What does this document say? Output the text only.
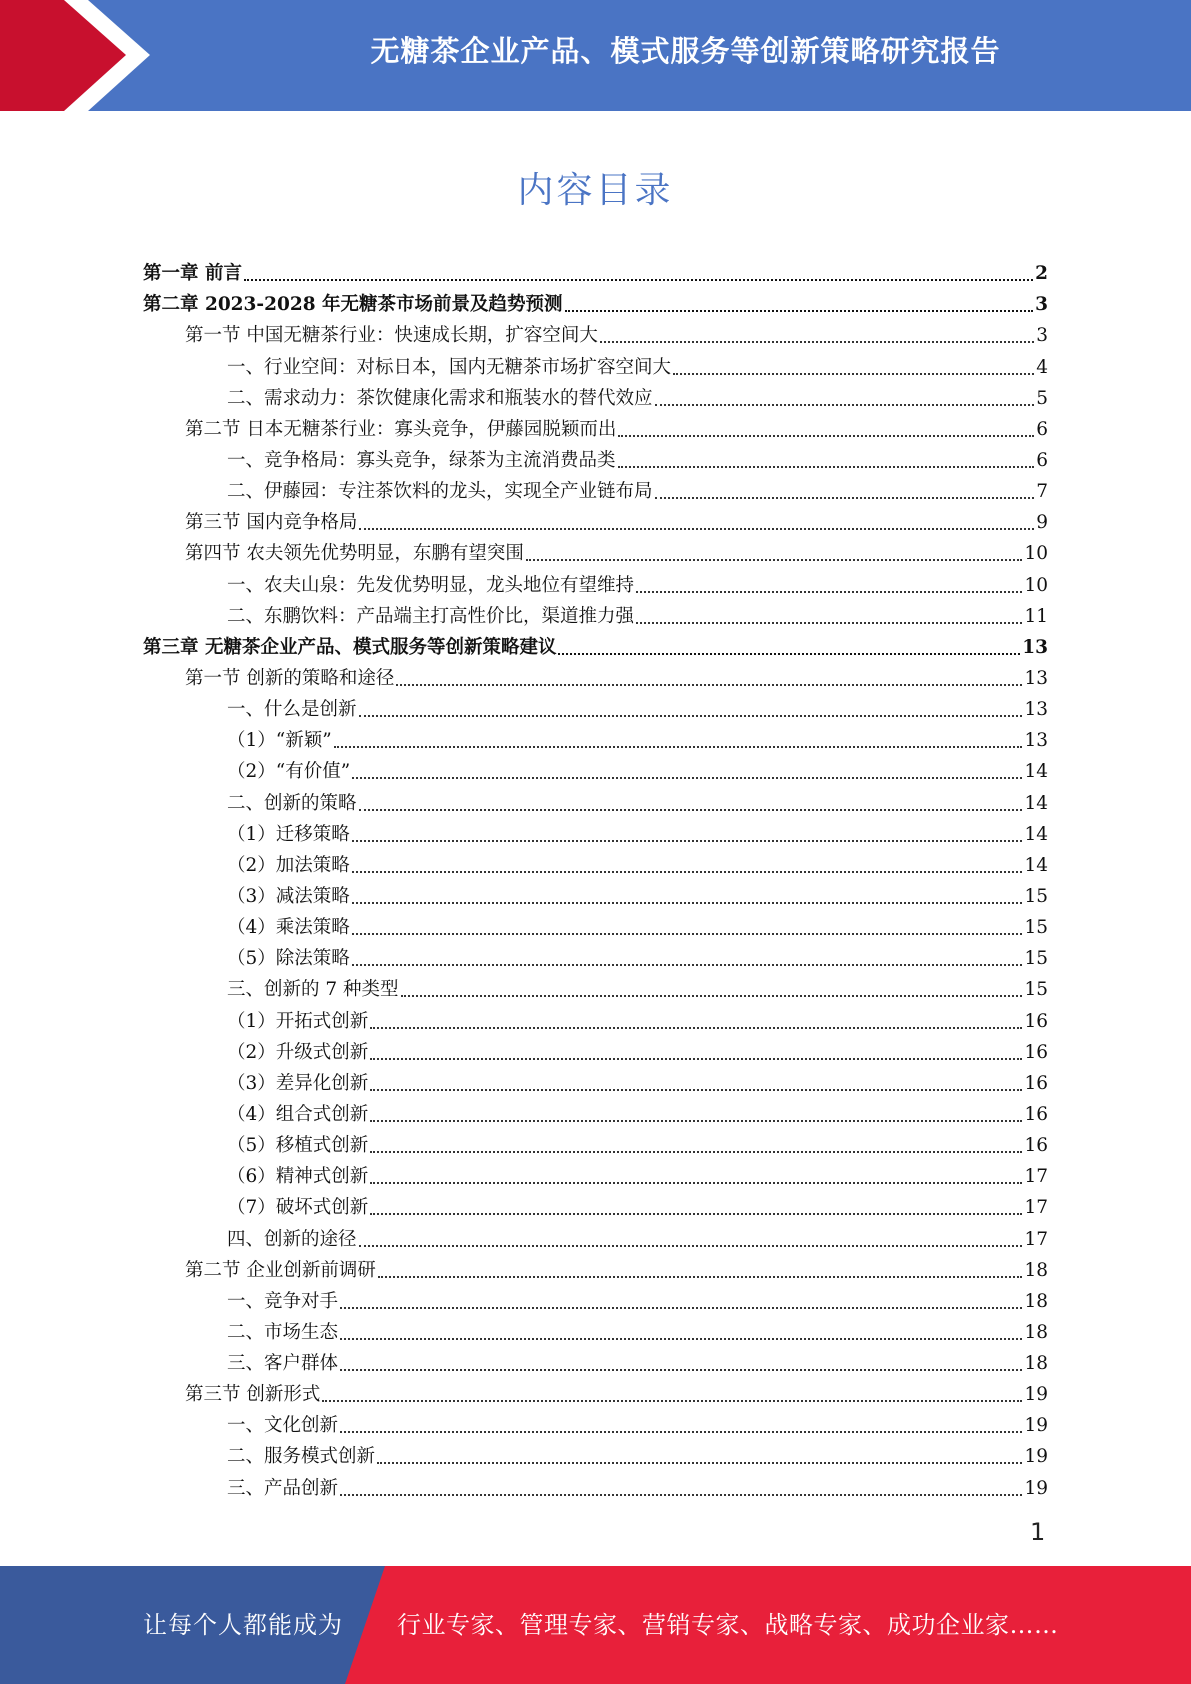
无糖茶企业产品、模式服务等创新策略研究报告
内容目录
第一章 前言	2
第二章 2023-2028 年无糖茶市场前景及趋势预测	3
第一节 中国无糖茶行业：快速成长期，扩容空间大	3
一、行业空间：对标日本，国内无糖茶市场扩容空间大	4
二、需求动力：茶饮健康化需求和瓶装水的替代效应	5
第二节 日本无糖茶行业：寡头竞争，伊藤园脱颖而出	6
一、竞争格局：寡头竞争，绿茶为主流消费品类	6
二、伊藤园：专注茶饮料的龙头，实现全产业链布局	7
第三节 国内竞争格局	9
第四节 农夫领先优势明显，东鹏有望突围	10
一、农夫山泉：先发优势明显，龙头地位有望维持	10
二、东鹏饮料：产品端主打高性价比，渠道推力强	11
第三章 无糖茶企业产品、模式服务等创新策略建议	13
第一节 创新的策略和途径	13
一、什么是创新	13
（1）“新颖”	13
（2）“有价值”	14
二、创新的策略	14
（1）迁移策略	14
（2）加法策略	14
（3）减法策略	15
（4）乘法策略	15
（5）除法策略	15
三、创新的 7 种类型	15
（1）开拓式创新	16
（2）升级式创新	16
（3）差异化创新	16
（4）组合式创新	16
（5）移植式创新	16
（6）精神式创新	17
（7）破坏式创新	17
四、创新的途径	17
第二节 企业创新前调研	18
一、竞争对手	18
二、市场生态	18
三、客户群体	18
第三节 创新形式	19
一、文化创新	19
二、服务模式创新	19
三、产品创新	19
1
让每个人都能成为 行业专家、管理专家、营销专家、战略专家、成功企业家……
